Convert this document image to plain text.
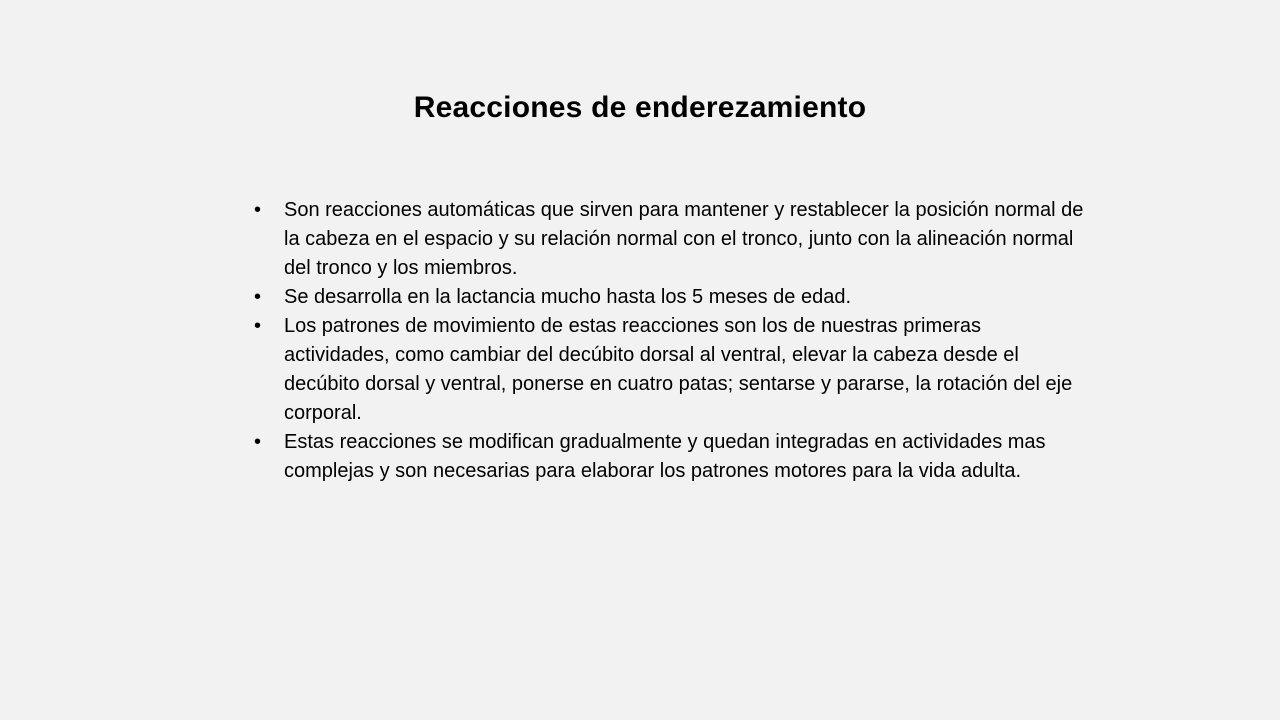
Reacciones de enderezamiento
• Son reacciones automáticas que sirven para mantener y restablecer la posición normal de la cabeza en el espacio y su relación normal con el tronco, junto con la alineación normal del tronco y los miembros.
• Se desarrolla en la lactancia mucho hasta los 5 meses de edad.
• Los patrones de movimiento de estas reacciones son los de nuestras primeras actividades, como cambiar del decúbito dorsal al ventral, elevar la cabeza desde el decúbito dorsal y ventral, ponerse en cuatro patas; sentarse y pararse, la rotación del eje corporal.
• Estas reacciones se modifican gradualmente y quedan integradas en actividades mas complejas y son necesarias para elaborar los patrones motores para la vida adulta.
